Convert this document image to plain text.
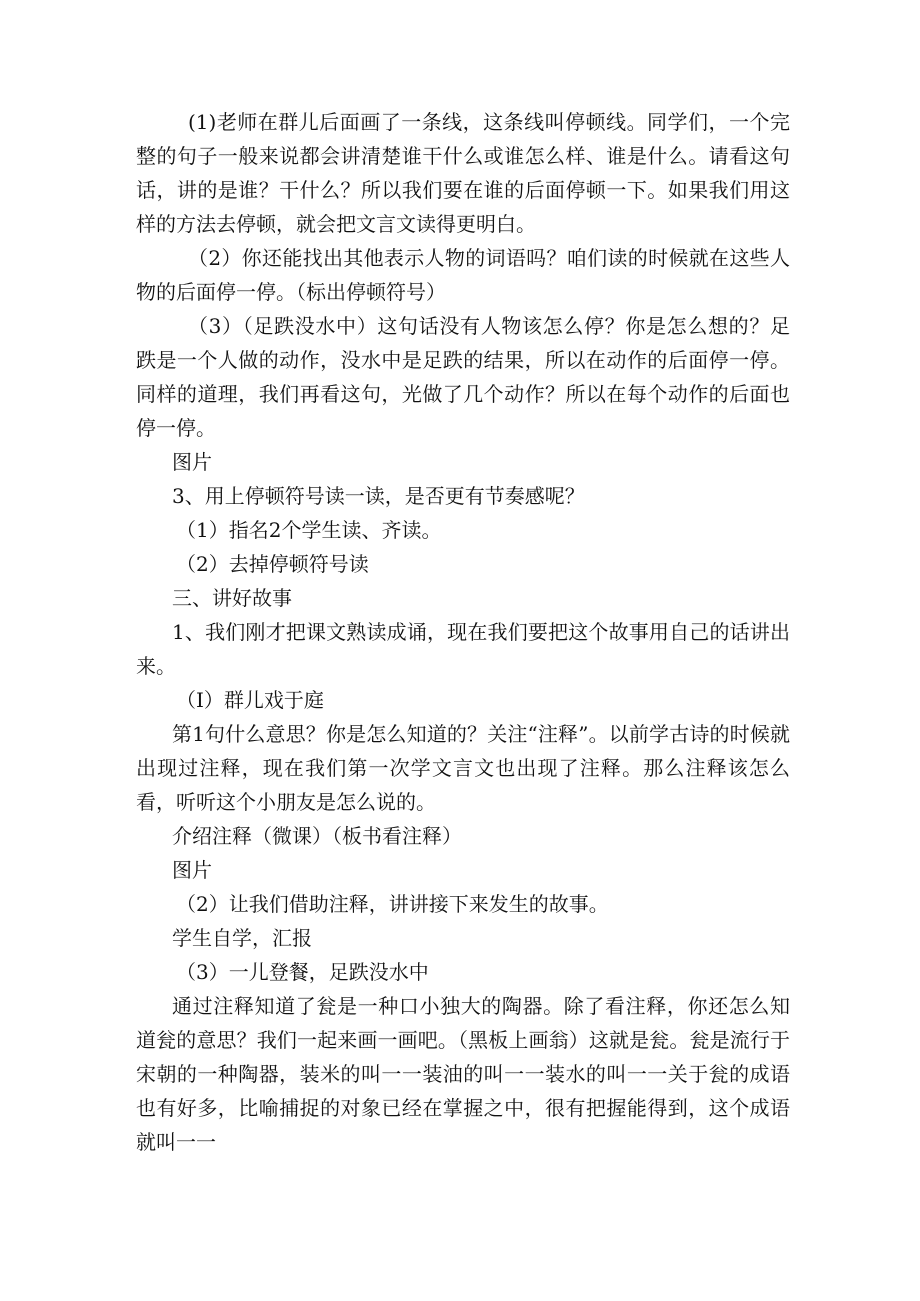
(1)老师在群儿后面画了一条线，这条线叫停顿线。同学们，一个完整的句子一般来说都会讲清楚谁干什么或谁怎么样、谁是什么。请看这句话，讲的是谁？干什么？所以我们要在谁的后面停顿一下。如果我们用这样的方法去停顿，就会把文言文读得更明白。

（2）你还能找出其他表示人物的词语吗？咱们读的时候就在这些人物的后面停一停。（标出停顿符号）

（3）（足跌没水中）这句话没有人物该怎么停？你是怎么想的？足跌是一个人做的动作，没水中是足跌的结果，所以在动作的后面停一停。同样的道理，我们再看这句，光做了几个动作？所以在每个动作的后面也停一停。

图片

3、用上停顿符号读一读，是否更有节奏感呢？

（1）指名2个学生读、齐读。

（2）去掉停顿符号读

三、讲好故事

1、我们刚才把课文熟读成诵，现在我们要把这个故事用自己的话讲出来。

（I）群儿戏于庭

第1句什么意思？你是怎么知道的？关注“注释”。以前学古诗的时候就出现过注释，现在我们第一次学文言文也出现了注释。那么注释该怎么看，听听这个小朋友是怎么说的。

介绍注释（微课）（板书看注释）

图片

（2）让我们借助注释，讲讲接下来发生的故事。

学生自学，汇报

（3）一儿登餐，足跌没水中

通过注释知道了瓮是一种口小独大的陶器。除了看注释，你还怎么知道瓮的意思？我们一起来画一画吧。（黑板上画翁）这就是瓮。瓮是流行于宋朝的一种陶器，装米的叫一一装油的叫一一装水的叫一一关于瓮的成语也有好多，比喻捕捉的对象已经在掌握之中，很有把握能得到，这个成语就叫一一
